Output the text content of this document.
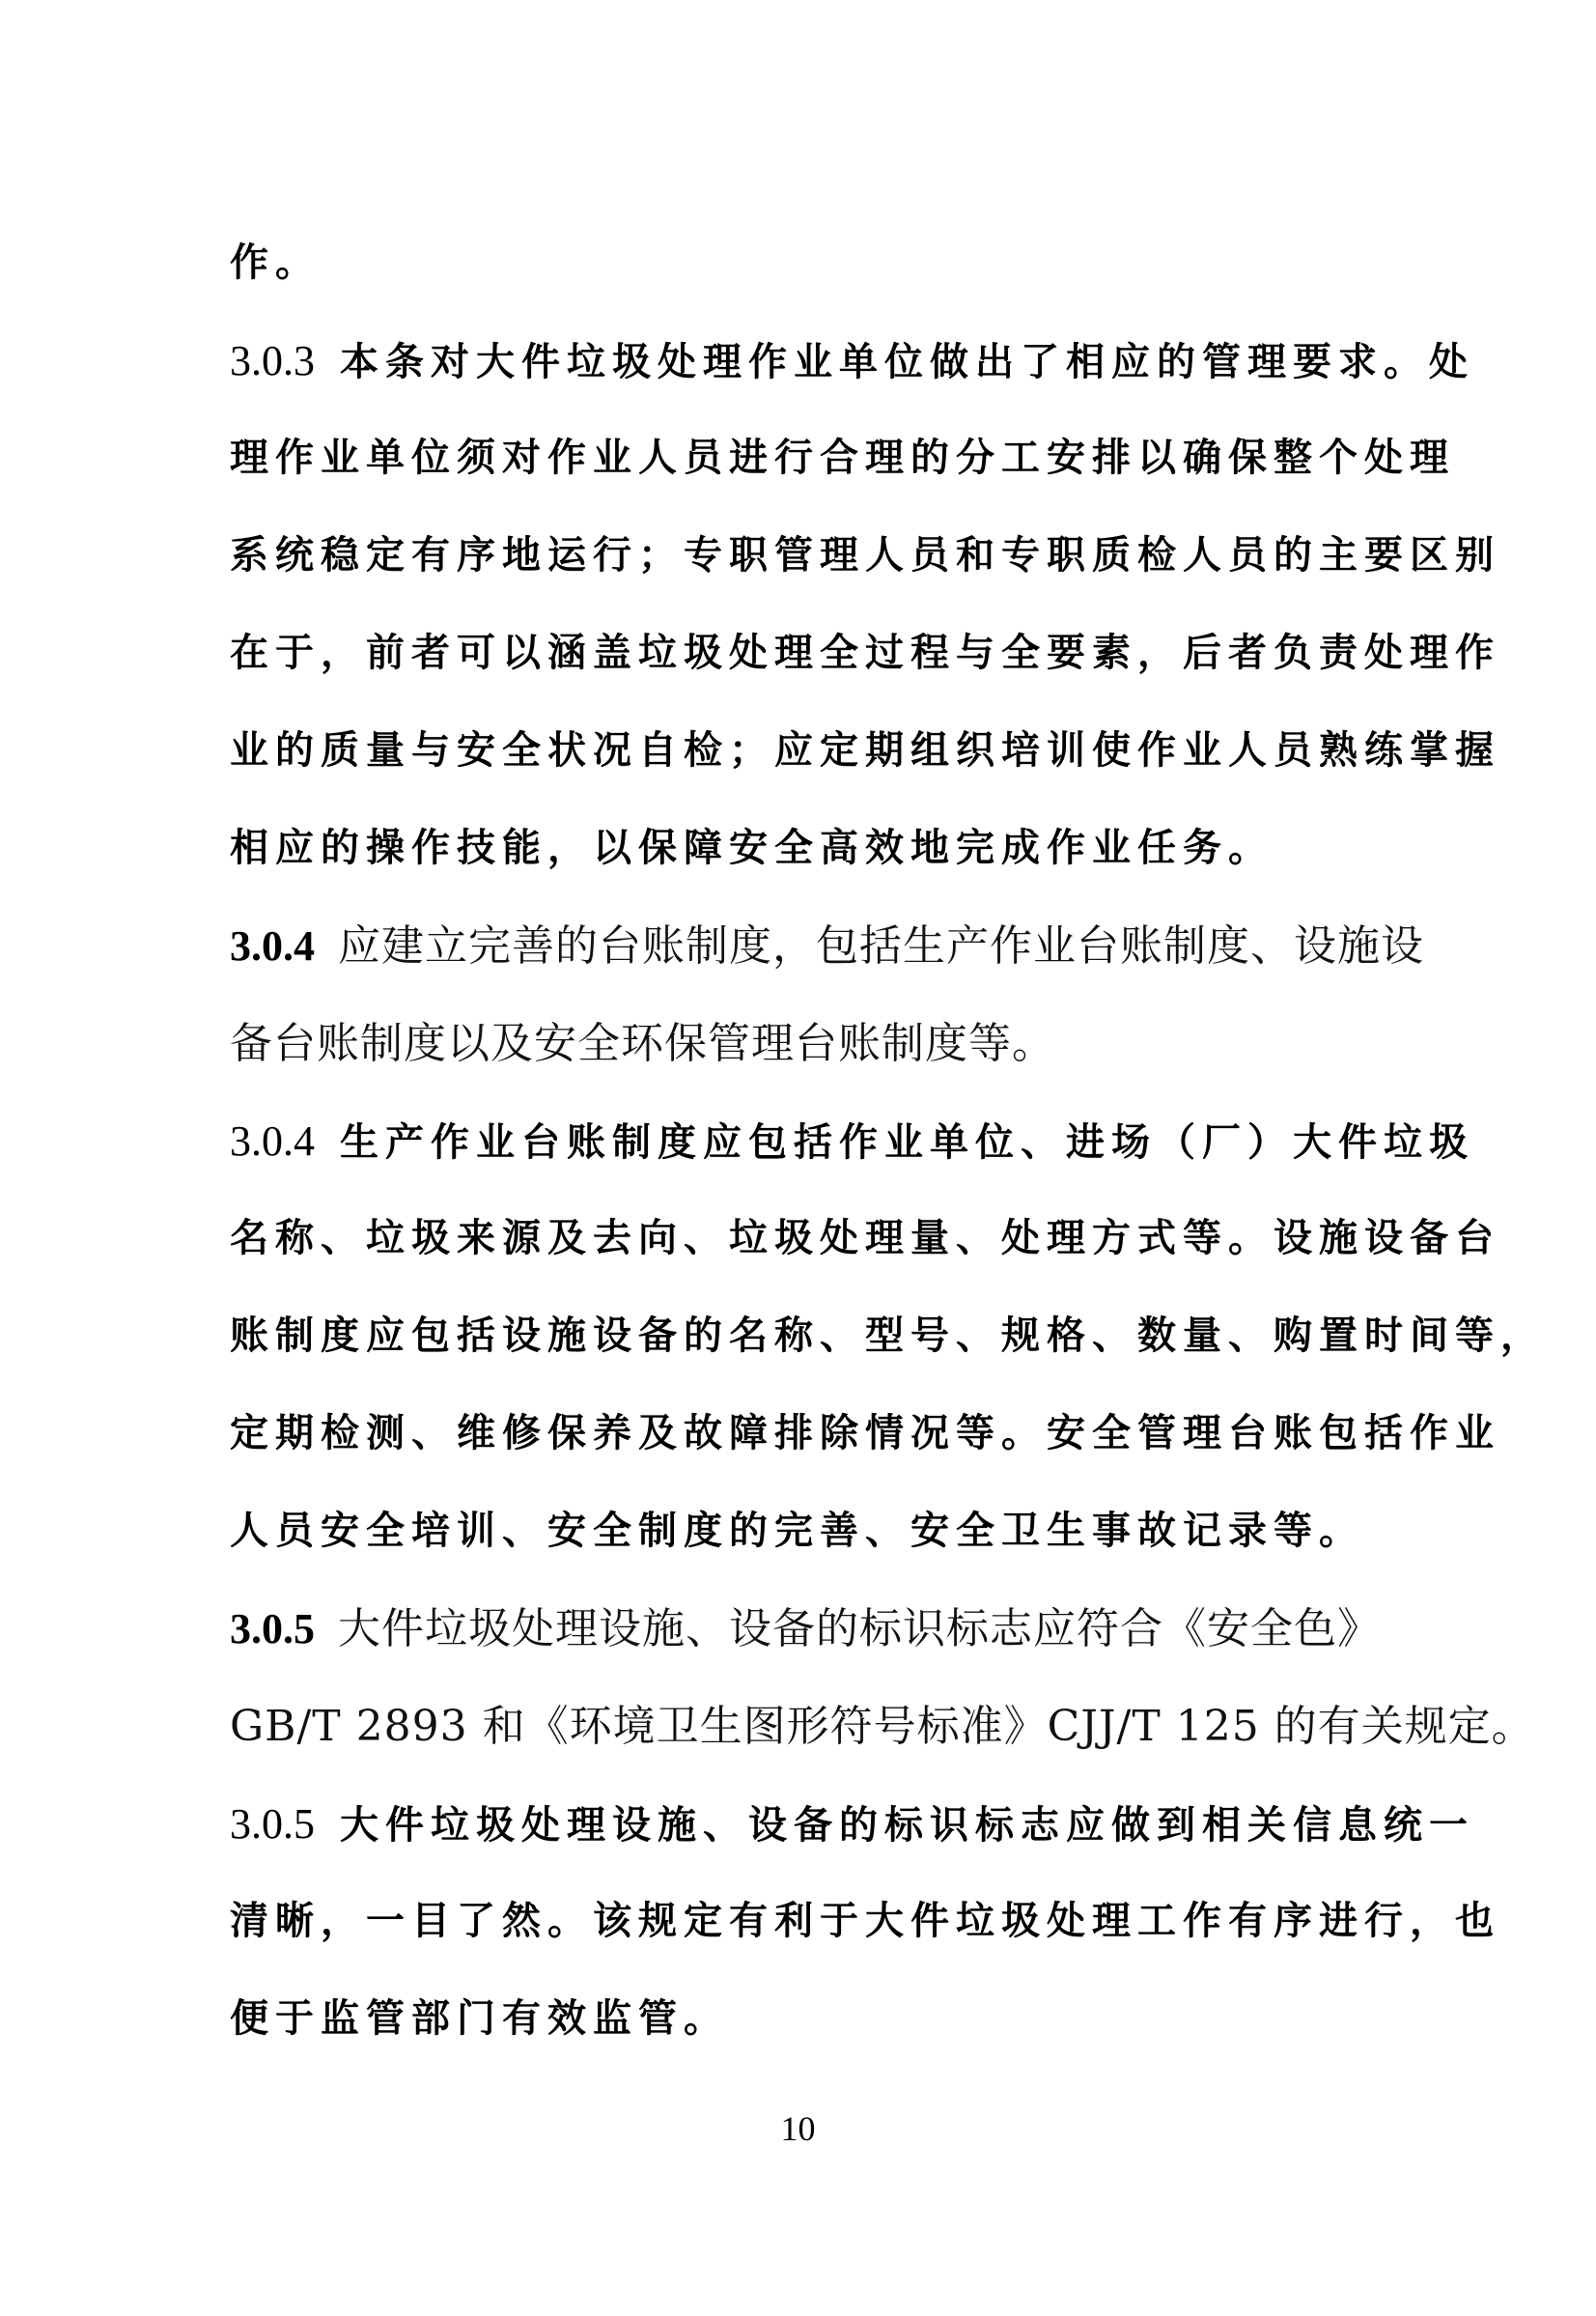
作。

3.0.3 本条对大件垃圾处理作业单位做出了相应的管理要求。处

理作业单位须对作业人员进行合理的分工安排以确保整个处理

系统稳定有序地运行；专职管理人员和专职质检人员的主要区别

在于，前者可以涵盖垃圾处理全过程与全要素，后者负责处理作

业的质量与安全状况自检；应定期组织培训使作业人员熟练掌握

相应的操作技能，以保障安全高效地完成作业任务。

3.0.4 应建立完善的台账制度，包括生产作业台账制度、设施设

备台账制度以及安全环保管理台账制度等。

3.0.4 生产作业台账制度应包括作业单位、进场（厂）大件垃圾

名称、垃圾来源及去向、垃圾处理量、处理方式等。设施设备台

账制度应包括设施设备的名称、型号、规格、数量、购置时间等，

定期检测、维修保养及故障排除情况等。安全管理台账包括作业

人员安全培训、安全制度的完善、安全卫生事故记录等。

3.0.5 大件垃圾处理设施、设备的标识标志应符合《安全色》

GB/T 2893 和《环境卫生图形符号标准》CJJ/T 125 的有关规定。

3.0.5 大件垃圾处理设施、设备的标识标志应做到相关信息统一

清晰，一目了然。该规定有利于大件垃圾处理工作有序进行，也

便于监管部门有效监管。

10
